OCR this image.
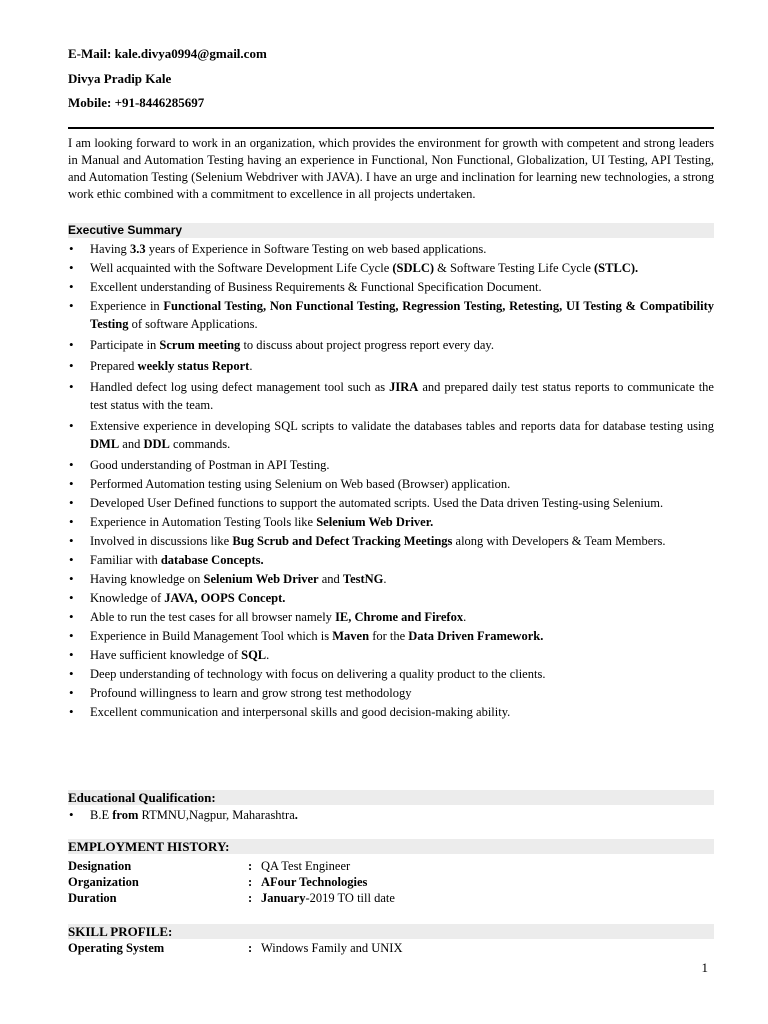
E-Mail: kale.divya0994@gmail.com
Divya Pradip Kale
Mobile: +91-8446285697
I am looking forward to work in an organization, which provides the environment for growth with competent and strong leaders in Manual and Automation Testing having an experience in Functional, Non Functional, Globalization, UI Testing, API Testing, and Automation Testing (Selenium Webdriver with JAVA). I have an urge and inclination for learning new technologies, a strong work ethic combined with a commitment to excellence in all projects undertaken.
Executive Summary
• Having 3.3 years of Experience in Software Testing on web based applications.
• Well acquainted with the Software Development Life Cycle (SDLC) & Software Testing Life Cycle (STLC).
• Excellent understanding of Business Requirements & Functional Specification Document.
• Experience in Functional Testing, Non Functional Testing, Regression Testing, Retesting, UI Testing & Compatibility Testing of software Applications.
• Participate in Scrum meeting to discuss about project progress report every day.
• Prepared weekly status Report.
• Handled defect log using defect management tool such as JIRA and prepared daily test status reports to communicate the test status with the team.
• Extensive experience in developing SQL scripts to validate the databases tables and reports data for database testing using DML and DDL commands.
• Good understanding of Postman in API Testing.
• Performed Automation testing using Selenium on Web based (Browser) application.
• Developed User Defined functions to support the automated scripts. Used the Data driven Testing-using Selenium.
• Experience in Automation Testing Tools like Selenium Web Driver.
• Involved in discussions like Bug Scrub and Defect Tracking Meetings along with Developers & Team Members.
• Familiar with database Concepts.
• Having knowledge on Selenium Web Driver and TestNG.
• Knowledge of JAVA, OOPS Concept.
• Able to run the test cases for all browser namely IE, Chrome and Firefox.
• Experience in Build Management Tool which is Maven for the Data Driven Framework.
• Have sufficient knowledge of SQL.
• Deep understanding of technology with focus on delivering a quality product to the clients.
• Profound willingness to learn and grow strong test methodology
• Excellent communication and interpersonal skills and good decision-making ability.
Educational Qualification:
• B.E from RTMNU,Nagpur, Maharashtra.
EMPLOYMENT HISTORY:
Designation	: QA Test Engineer
Organization	: AFour Technologies
Duration	: January-2019 TO till date
SKILL PROFILE:
Operating System	: Windows Family and UNIX
1
